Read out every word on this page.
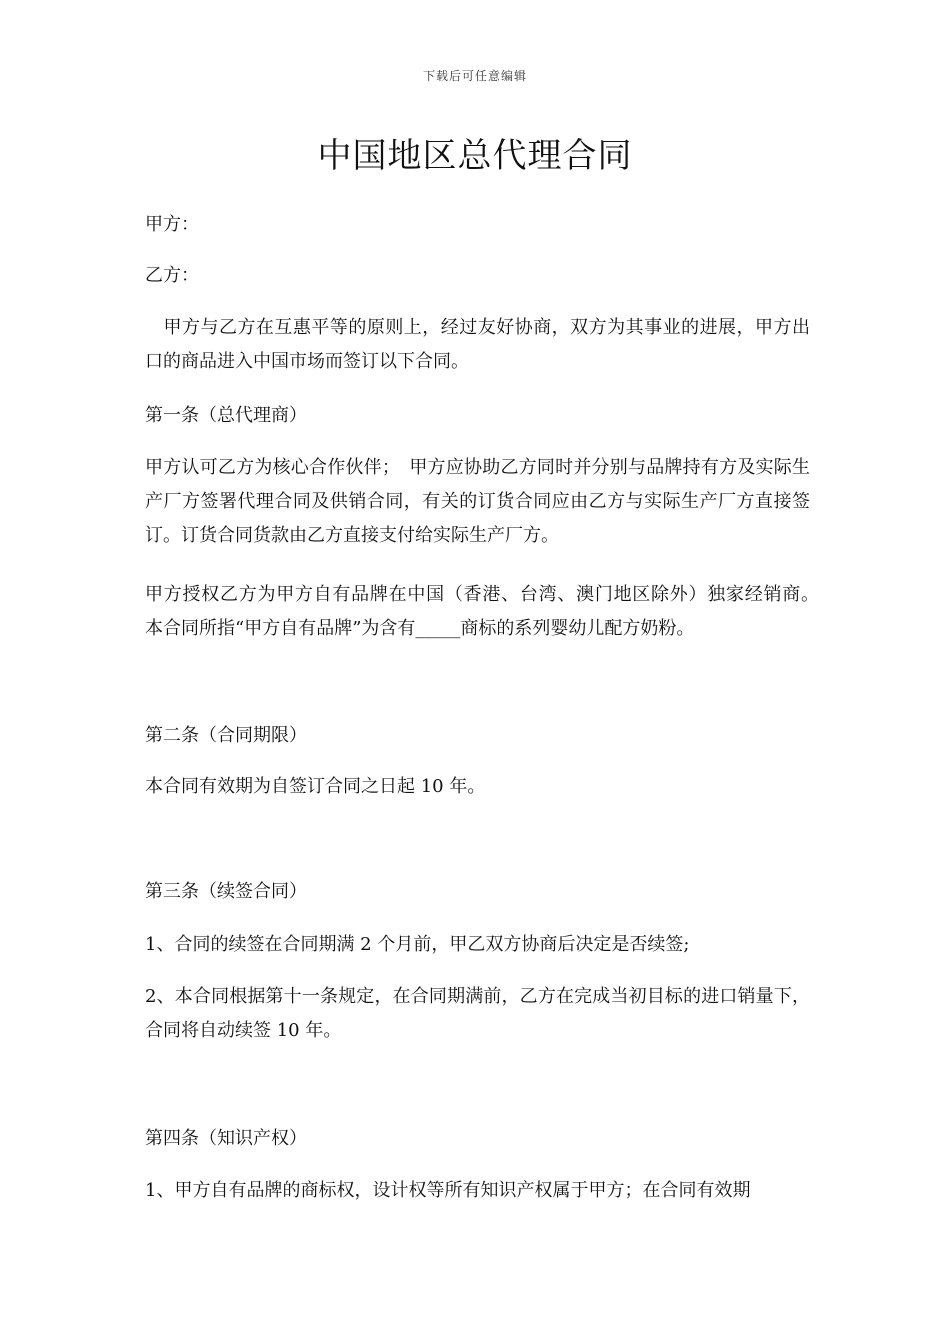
下载后可任意编辑
中国地区总代理合同

甲方：

乙方：

　甲方与乙方在互惠平等的原则上，经过友好协商，双方为其事业的进展，甲方出口的商品进入中国市场而签订以下合同。

第一条（总代理商）

甲方认可乙方为核心合作伙伴；　甲方应协助乙方同时并分别与品牌持有方及实际生产厂方签署代理合同及供销合同，有关的订货合同应由乙方与实际生产厂方直接签订。订货合同货款由乙方直接支付给实际生产厂方。

甲方授权乙方为甲方自有品牌在中国（香港、台湾、澳门地区除外）独家经销商。　本合同所指“甲方自有品牌”为含有_____商标的系列婴幼儿配方奶粉。

第二条（合同期限）

本合同有效期为自签订合同之日起 10 年。

第三条（续签合同）

1、合同的续签在合同期满 2 个月前，甲乙双方协商后决定是否续签;

2、本合同根据第十一条规定，在合同期满前，乙方在完成当初目标的进口销量下，合同将自动续签 10 年。

第四条（知识产权）

1、甲方自有品牌的商标权，设计权等所有知识产权属于甲方；在合同有效期
